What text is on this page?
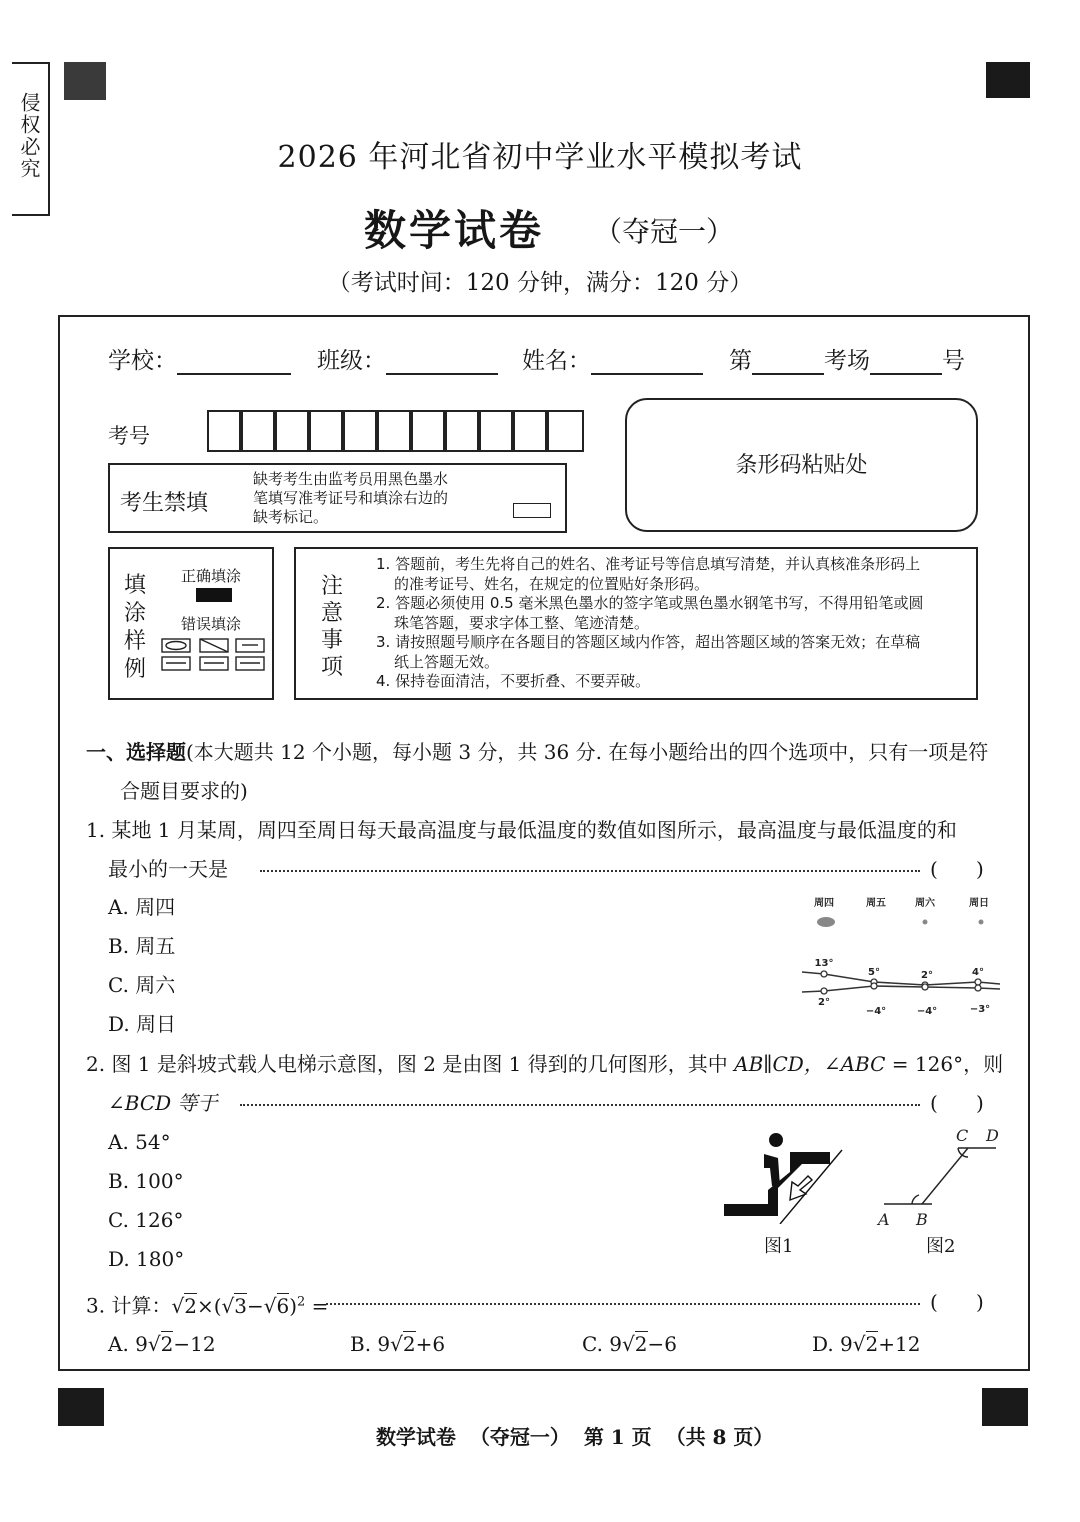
侵权必究	2026 年河北省初中学业水平模拟考试
数学试卷 （夺冠一）
（考试时间：120 分钟，满分：120 分）
学校：	班级：	姓名：	第	考场	号
考号
条形码粘贴处
考生禁填
缺考考生由监考员用黑色墨水
笔填写准考证号和填涂右边的
缺考标记。
填
涂
样
例
正确填涂
错误填涂
注
意
事
项

1. 答题前，考生先将自己的姓名、准考证号等信息填写清楚，并认真核准条形码上

的准考证号、姓名，在规定的位置贴好条形码。

2. 答题必须使用 0.5 毫米黑色墨水的签字笔或黑色墨水钢笔书写，不得用铅笔或圆

珠笔答题，要求字体工整、笔迹清楚。

3. 请按照题号顺序在各题目的答题区域内作答，超出答题区域的答案无效；在草稿

纸上答题无效。

4. 保持卷面清洁，不要折叠、不要弄破。

一、选择题(本大题共 12 个小题，每小题 3 分，共 36 分. 在每小题给出的四个选项中，只有一项是符
合题目要求的)
1. 某地 1 月某周，周四至周日每天最高温度与最低温度的数值如图所示，最高温度与最低温度的和
最小的一天是	(      )
A. 周四
B. 周五
C. 周六
D. 周日
周四	周五	周六	周日
13°
5°	2°	4°
2°
−4°	−4°	−3°
2. 图 1 是斜坡式载人电梯示意图，图 2 是由图 1 得到的几何图形，其中 AB∥CD，∠ABC = 126°，则
∠BCD 等于	(      )
A. 54°
B. 100°
C. 126°
D. 180°
图1
A B
C D
图2
3. 计算：$√2\times(√3-√6)^2$ =	(      )
A. 9√2−12	B. 9√2+6	C. 9√2−6	D. 9√2+12

数学试卷 （夺冠一） 第 1 页 （共 8 页）
